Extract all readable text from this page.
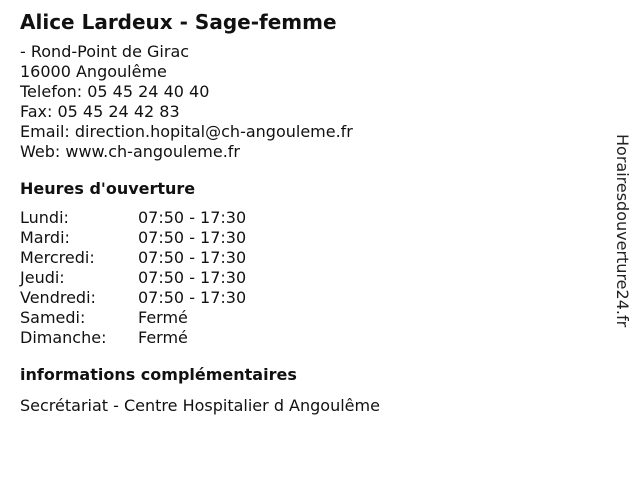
Alice Lardeux - Sage-femme
- Rond-Point de Girac
16000 Angoulême
Telefon: 05 45 24 40 40
Fax: 05 45 24 42 83
Email: direction.hopital@ch-angouleme.fr
Web: www.ch-angouleme.fr
Heures d'ouverture
Lundi:	07:50 - 17:30
Mardi:	07:50 - 17:30
Mercredi:	07:50 - 17:30
Jeudi:	07:50 - 17:30
Vendredi:	07:50 - 17:30
Samedi:	Fermé
Dimanche:	Fermé
informations complémentaires
Secrétariat - Centre Hospitalier d Angoulême
Horairesdouverture24.fr
